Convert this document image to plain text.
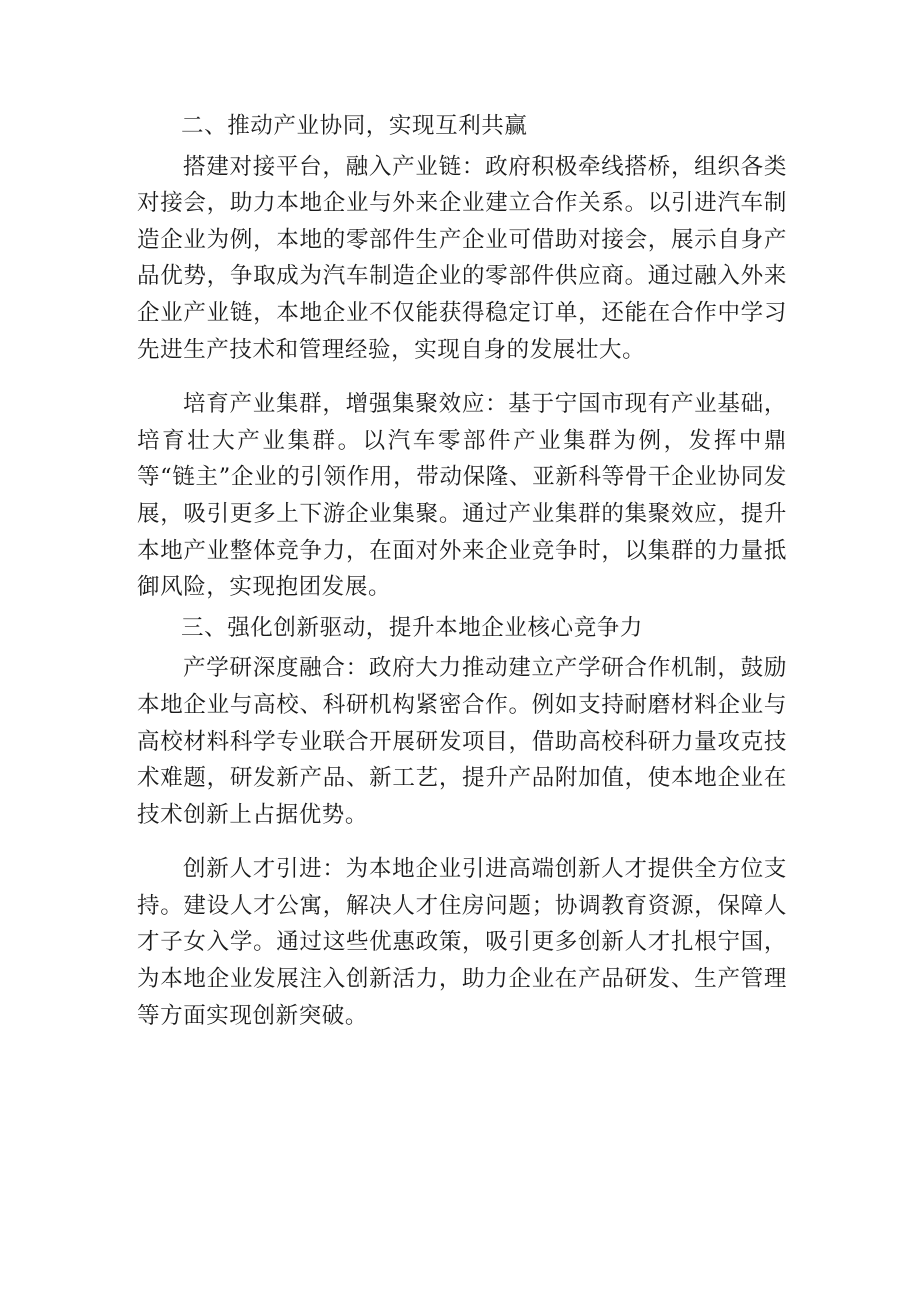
二、推动产业协同，实现互利共赢

搭建对接平台，融入产业链：政府积极牵线搭桥，组织各类对接会，助力本地企业与外来企业建立合作关系。以引进汽车制造企业为例，本地的零部件生产企业可借助对接会，展示自身产品优势，争取成为汽车制造企业的零部件供应商。通过融入外来企业产业链，本地企业不仅能获得稳定订单，还能在合作中学习先进生产技术和管理经验，实现自身的发展壮大。

培育产业集群，增强集聚效应：基于宁国市现有产业基础，培育壮大产业集群。以汽车零部件产业集群为例，发挥中鼎等“链主”企业的引领作用，带动保隆、亚新科等骨干企业协同发展，吸引更多上下游企业集聚。通过产业集群的集聚效应，提升本地产业整体竞争力，在面对外来企业竞争时，以集群的力量抵御风险，实现抱团发展。

三、强化创新驱动，提升本地企业核心竞争力

产学研深度融合：政府大力推动建立产学研合作机制，鼓励本地企业与高校、科研机构紧密合作。例如支持耐磨材料企业与高校材料科学专业联合开展研发项目，借助高校科研力量攻克技术难题，研发新产品、新工艺，提升产品附加值，使本地企业在技术创新上占据优势。

创新人才引进：为本地企业引进高端创新人才提供全方位支持。建设人才公寓，解决人才住房问题；协调教育资源，保障人才子女入学。通过这些优惠政策，吸引更多创新人才扎根宁国，为本地企业发展注入创新活力，助力企业在产品研发、生产管理等方面实现创新突破。
